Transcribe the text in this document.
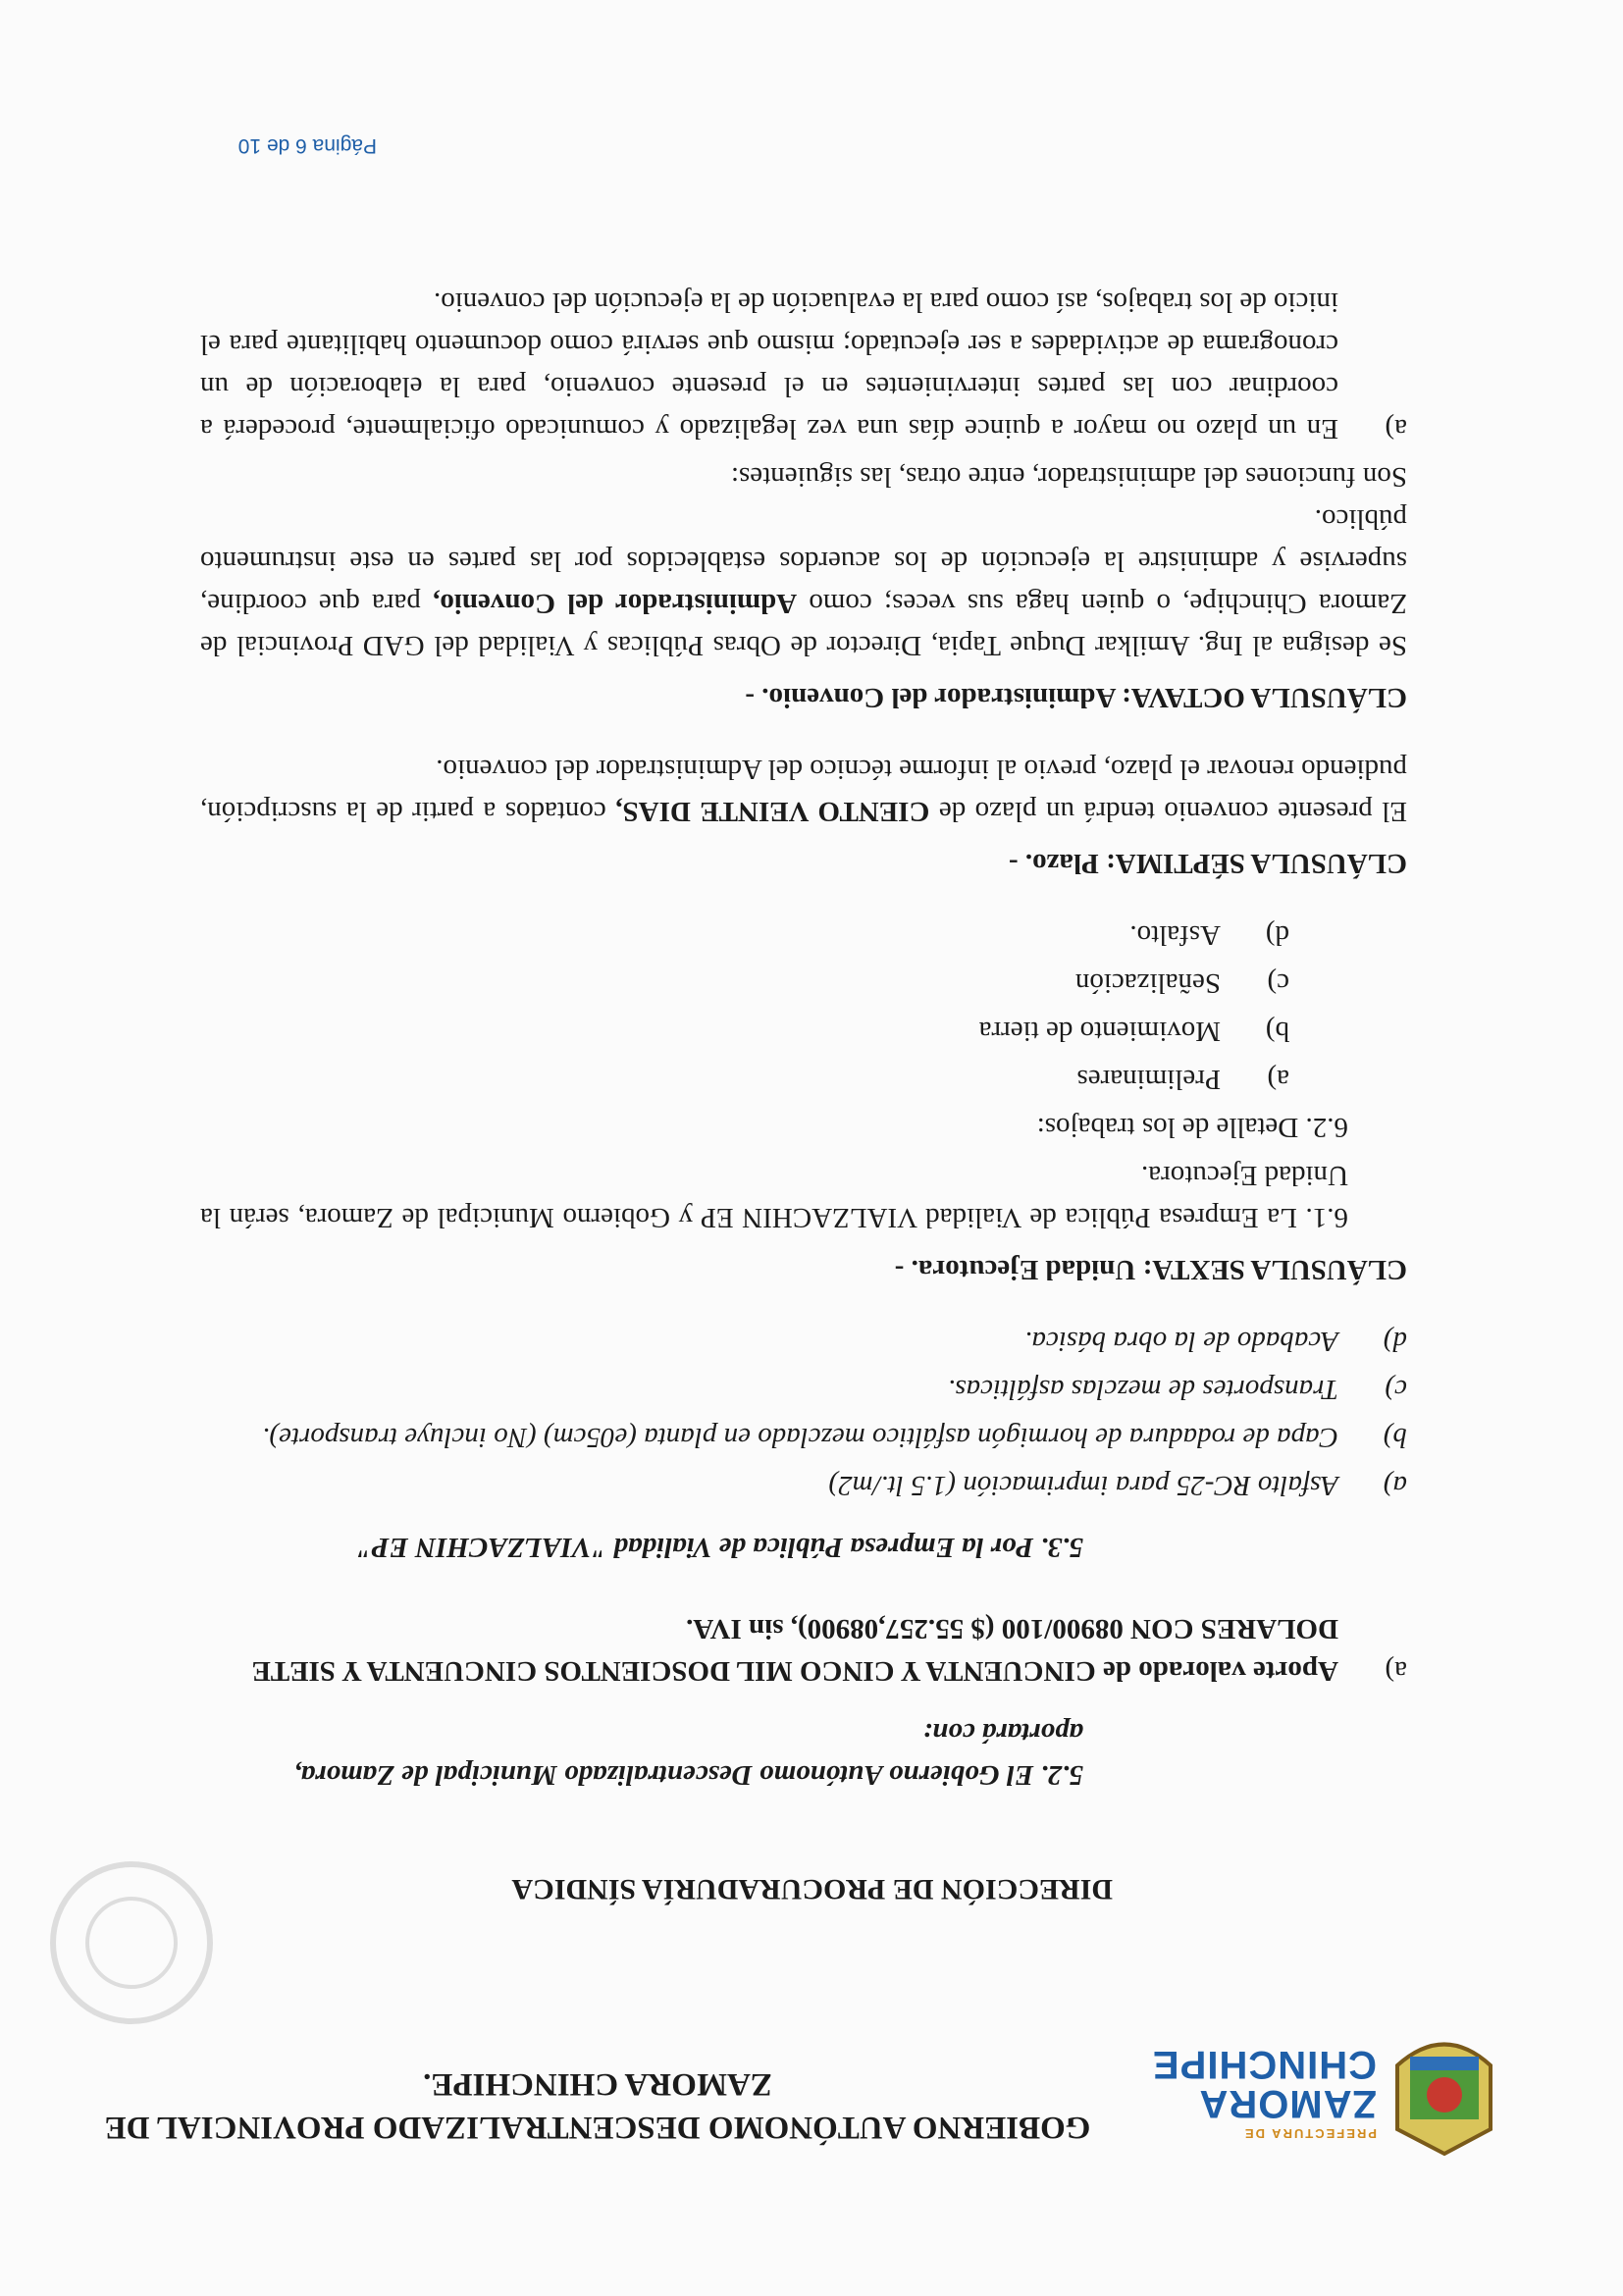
PREFECTURA DE
ZAMORA
CHINCHIPE
GOBIERNO AUTÓNOMO DESCENTRALIZADO PROVINCIAL DE
ZAMORA CHINCHIPE.
DIRECCIÓN DE PROCURADURÍA SÍNDICA
5.2. El Gobierno Autónomo Descentralizado Municipal de Zamora, aportará con:
a)
Aporte valorado de CINCUENTA Y CINCO MIL DOSCIENTOS CINCUENTA Y SIETE DOLARES CON 08900/100 ($ 55.257,08900), sin IVA.
5.3. Por la Empresa Pública de Vialidad "VIALZACHIN EP"
a)
Asfalto RC-25 para imprimación (1.5 lt./m2)
b)
Capa de rodadura de hormigón asfáltico mezclado en planta (e05cm) (No incluye transporte).
c)
Transportes de mezclas asfálticas.
d)
Acabado de la obra básica.
CLÁUSULA SEXTA: Unidad Ejecutora. -
6.1. La Empresa Pública de Vialidad VIALZACHIN EP y Gobierno Municipal de Zamora, serán la Unidad Ejecutora.
6.2. Detalle de los trabajos:
a)
Preliminares
b)
Movimiento de tierra
c)
Señalización
d)
Asfalto.
CLÁUSULA SÉPTIMA: Plazo. -
El presente convenio tendrá un plazo de CIENTO VEINTE DIAS, contados a partir de la suscripción, pudiendo renovar el plazo, previo al informe técnico del Administrador del convenio.
CLÁUSULA OCTAVA: Administrador del Convenio. -
Se designa al Ing. Amilkar Duque Tapia, Director de Obras Públicas y Vialidad del GAD Provincial de Zamora Chinchipe, o quien haga sus veces; como Administrador del Convenio, para que coordine, supervise y administre la ejecución de los acuerdos establecidos por las partes en este instrumento público.
Son funciones del administrador, entre otras, las siguientes:
a)
En un plazo no mayor a quince días una vez legalizado y comunicado oficialmente, procederá a coordinar con las partes intervinientes en el presente convenio, para la elaboración de un cronograma de actividades a ser ejecutado; mismo que servirá como documento habilitante para el inicio de los trabajos, así como para la evaluación de la ejecución del convenio.
Página 6 de 10
